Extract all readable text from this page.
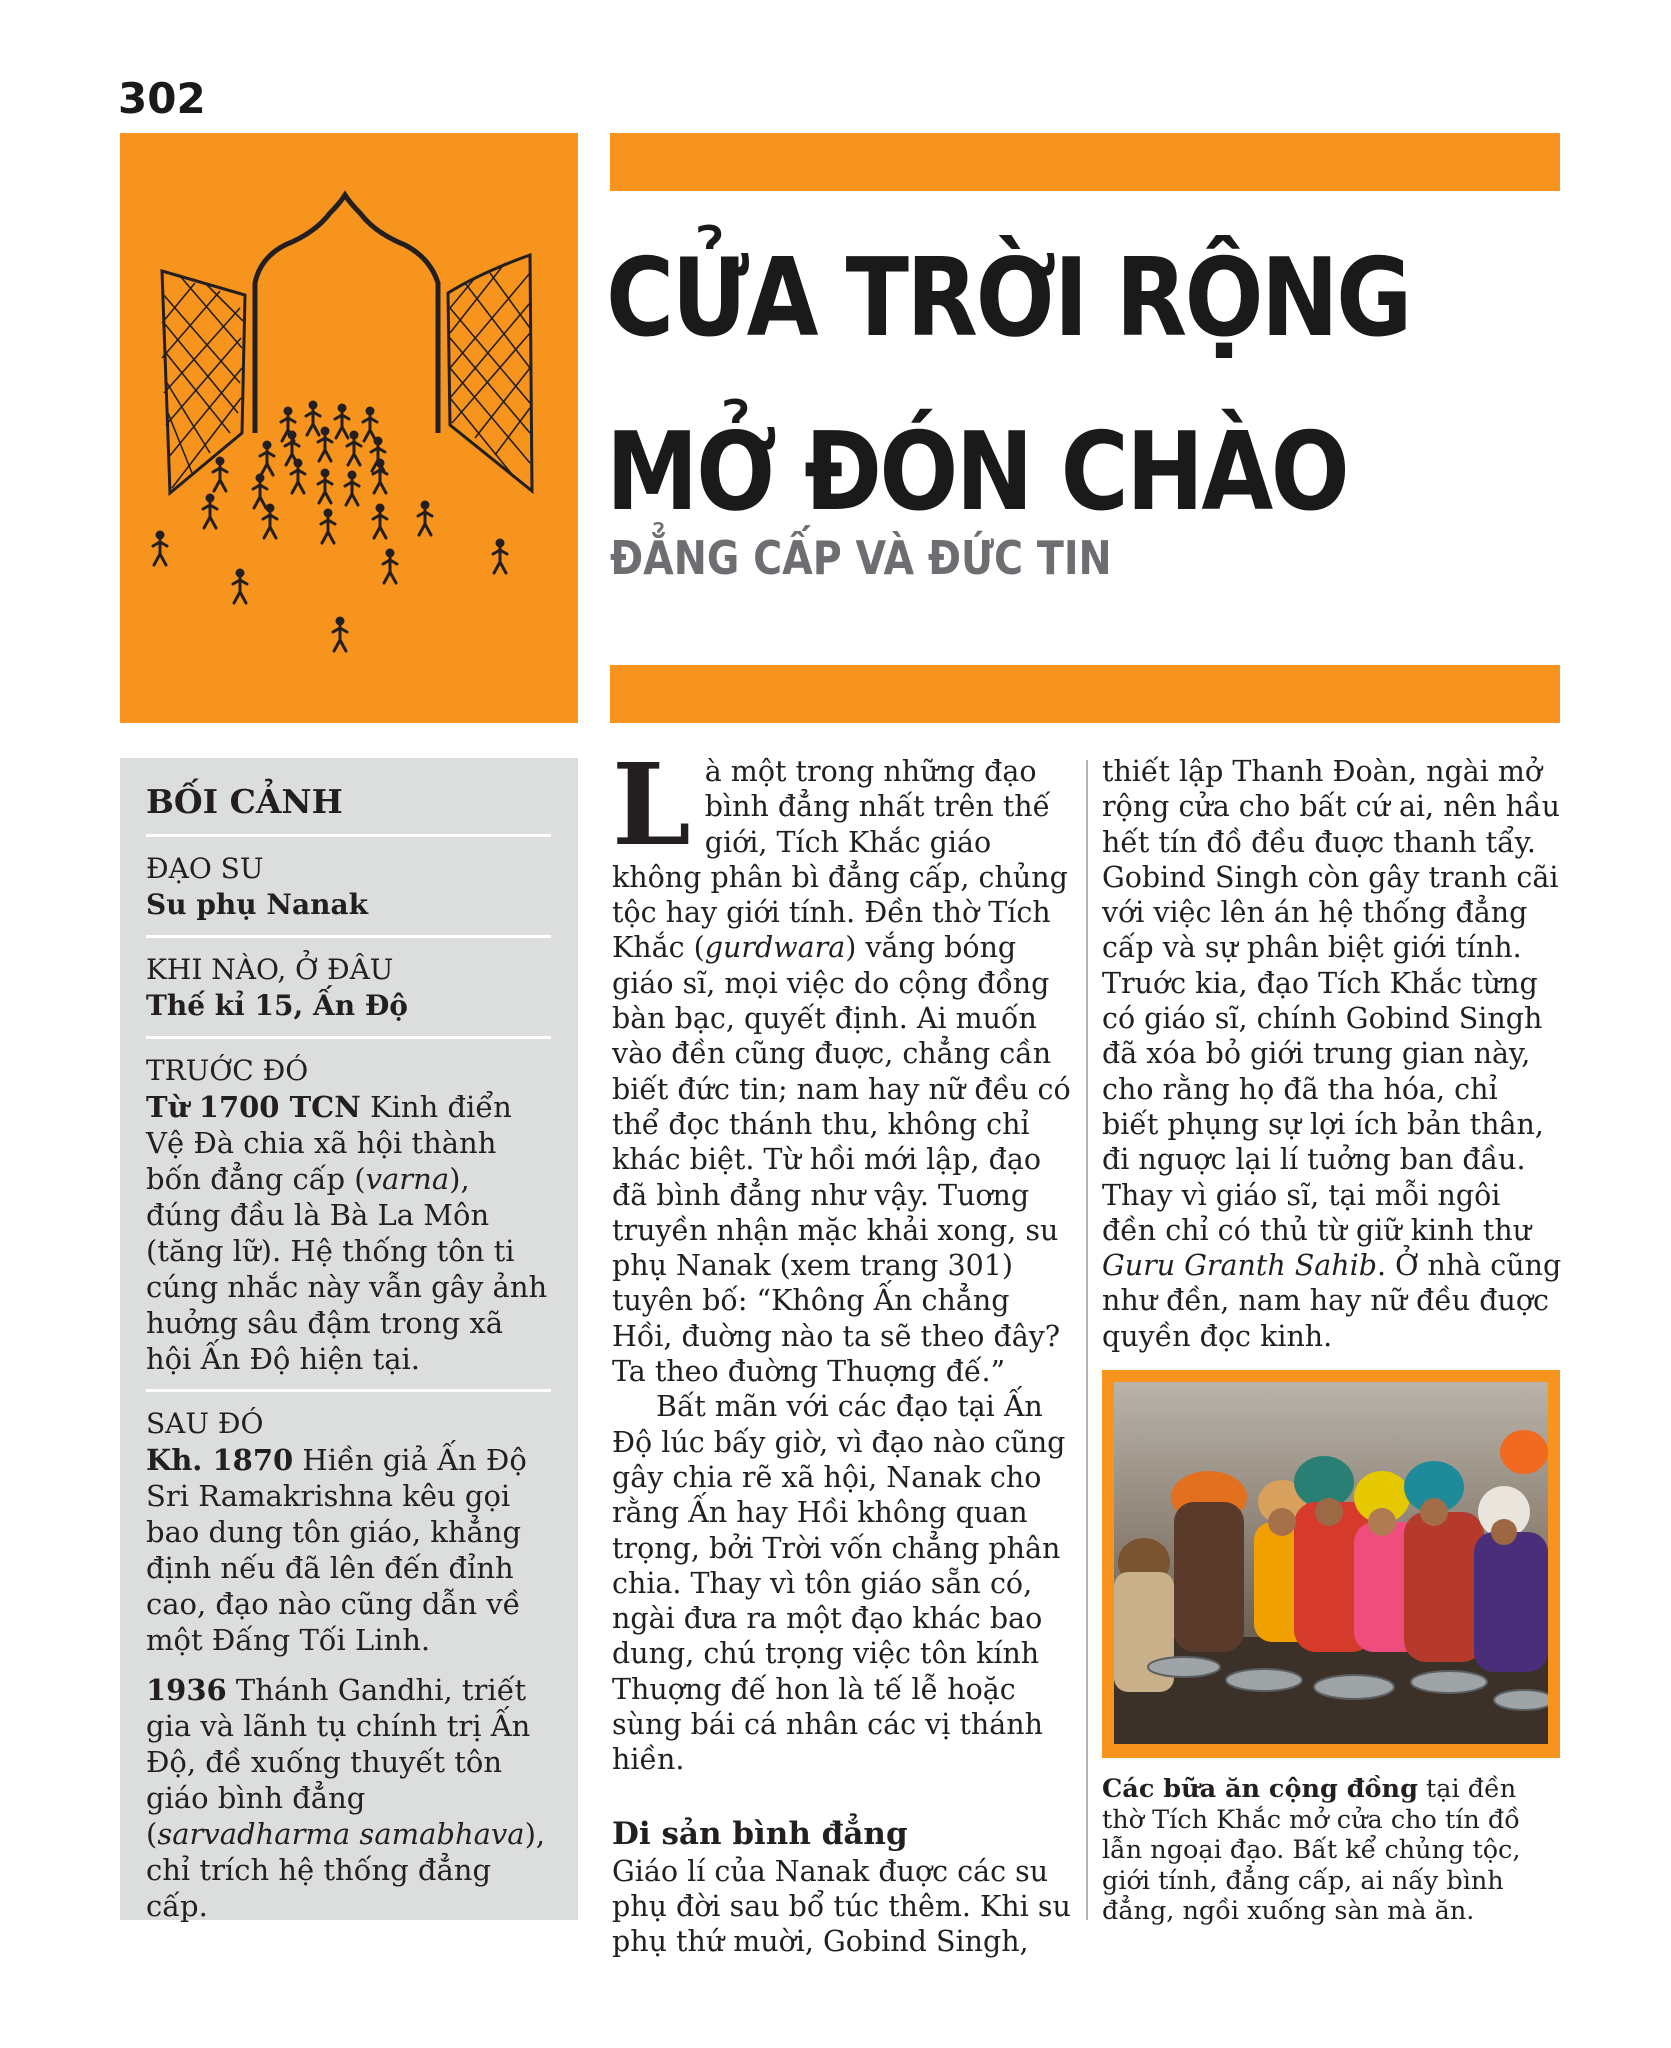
302
CỬA TRỜI RỘNG
MỞ ĐÓN CHÀO
ĐẲNG CẤP VÀ ĐỨC TIN
BỐI CẢNH
ĐẠO SU
Su phụ Nanak
KHI NÀO, Ở ĐÂU
Thế kỉ 15, Ấn Độ
TRUỚC ĐÓ
Từ 1700 TCN Kinh điển Vệ Đà chia xã hội thành bốn đẳng cấp (varna), đúng đầu là Bà La Môn (tăng lữ). Hệ thống tôn ti cúng nhắc này vẫn gây ảnh huởng sâu đậm trong xã hội Ấn Độ hiện tại.
SAU ĐÓ
Kh. 1870 Hiền giả Ấn Độ Sri Ramakrishna kêu gọi bao dung tôn giáo, khẳng định nếu đã lên đến đỉnh cao, đạo nào cũng dẫn về một Đấng Tối Linh.
1936 Thánh Gandhi, triết gia và lãnh tụ chính trị Ấn Độ, đề xuống thuyết tôn giáo bình đẳng (sarvadharma samabhava), chỉ trích hệ thống đẳng cấp.
Là một trong những đạo bình đẳng nhất trên thế giới, Tích Khắc giáo không phân bì đẳng cấp, chủng tộc hay giới tính. Đền thờ Tích Khắc (gurdwara) vắng bóng giáo sĩ, mọi việc do cộng đồng bàn bạc, quyết định. Ai muốn vào đền cũng đuợc, chẳng cần biết đức tin; nam hay nữ đều có thể đọc thánh thu, không chỉ khác biệt. Từ hồi mới lập, đạo đã bình đẳng như vậy. Tuơng truyền nhận mặc khải xong, su phụ Nanak (xem trang 301) tuyên bố: “Không Ấn chẳng Hồi, đuờng nào ta sẽ theo đây? Ta theo đuờng Thuợng đế.”
Bất mãn với các đạo tại Ấn Độ lúc bấy giờ, vì đạo nào cũng gây chia rẽ xã hội, Nanak cho rằng Ấn hay Hồi không quan trọng, bởi Trời vốn chẳng phân chia. Thay vì tôn giáo sẵn có, ngài đưa ra một đạo khác bao dung, chú trọng việc tôn kính Thuợng đế hon là tế lễ hoặc sùng bái cá nhân các vị thánh hiền.
Di sản bình đẳng
Giáo lí của Nanak đuợc các su phụ đời sau bổ túc thêm. Khi su phụ thứ muời, Gobind Singh,
thiết lập Thanh Đoàn, ngài mở rộng cửa cho bất cứ ai, nên hầu hết tín đồ đều đuợc thanh tẩy. Gobind Singh còn gây tranh cãi với việc lên án hệ thống đẳng cấp và sự phân biệt giới tính. Truớc kia, đạo Tích Khắc từng có giáo sĩ, chính Gobind Singh đã xóa bỏ giới trung gian này, cho rằng họ đã tha hóa, chỉ biết phụng sự lợi ích bản thân, đi nguợc lại lí tuởng ban đầu. Thay vì giáo sĩ, tại mỗi ngôi đền chỉ có thủ từ giữ kinh thư Guru Granth Sahib. Ở nhà cũng như đền, nam hay nữ đều đuợc quyền đọc kinh.
Các bữa ăn cộng đồng tại đền thờ Tích Khắc mở cửa cho tín đồ lẫn ngoại đạo. Bất kể chủng tộc, giới tính, đẳng cấp, ai nấy bình đẳng, ngồi xuống sàn mà ăn.
